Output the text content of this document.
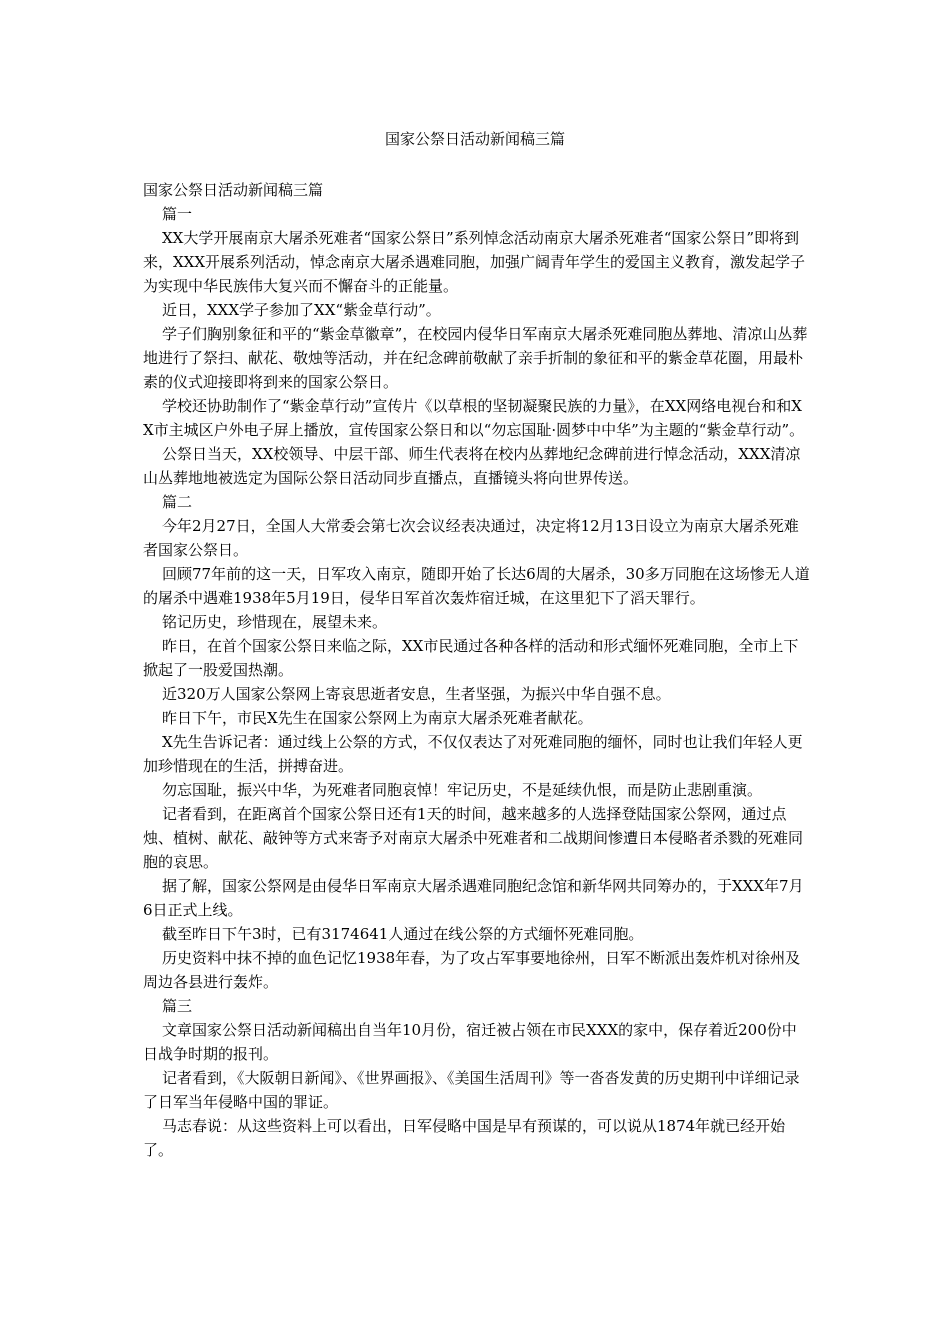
国家公祭日活动新闻稿三篇

国家公祭日活动新闻稿三篇

篇一

XX大学开展南京大屠杀死难者“国家公祭日”系列悼念活动南京大屠杀死难者“国家公祭日”即将到来，XXX开展系列活动，悼念南京大屠杀遇难同胞，加强广阔青年学生的爱国主义教育，激发起学子为实现中华民族伟大复兴而不懈奋斗的正能量。

近日，XXX学子参加了XX“紫金草行动”。

学子们胸别象征和平的“紫金草徽章”，在校园内侵华日军南京大屠杀死难同胞丛葬地、清凉山丛葬地进行了祭扫、献花、敬烛等活动，并在纪念碑前敬献了亲手折制的象征和平的紫金草花圈，用最朴素的仪式迎接即将到来的国家公祭日。

学校还协助制作了“紫金草行动”宣传片《以草根的坚韧凝聚民族的力量》，在XX网络电视台和和XX市主城区户外电子屏上播放，宣传国家公祭日和以“勿忘国耻·圆梦中中华”为主题的“紫金草行动”。

公祭日当天，XX校领导、中层干部、师生代表将在校内丛葬地纪念碑前进行悼念活动，XXX清凉山丛葬地地被选定为国际公祭日活动同步直播点，直播镜头将向世界传送。

篇二

今年2月27日，全国人大常委会第七次会议经表决通过，决定将12月13日设立为南京大屠杀死难者国家公祭日。

回顾77年前的这一天，日军攻入南京，随即开始了长达6周的大屠杀，30多万同胞在这场惨无人道的屠杀中遇难1938年5月19日，侵华日军首次轰炸宿迁城，在这里犯下了滔天罪行。

铭记历史，珍惜现在，展望未来。

昨日，在首个国家公祭日来临之际，XX市民通过各种各样的活动和形式缅怀死难同胞，全市上下掀起了一股爱国热潮。

近320万人国家公祭网上寄哀思逝者安息，生者坚强，为振兴中华自强不息。

昨日下午，市民X先生在国家公祭网上为南京大屠杀死难者献花。

X先生告诉记者：通过线上公祭的方式，不仅仅表达了对死难同胞的缅怀，同时也让我们年轻人更加珍惜现在的生活，拼搏奋进。

勿忘国耻，振兴中华，为死难者同胞哀悼！牢记历史，不是延续仇恨，而是防止悲剧重演。

记者看到，在距离首个国家公祭日还有1天的时间，越来越多的人选择登陆国家公祭网，通过点烛、植树、献花、敲钟等方式来寄予对南京大屠杀中死难者和二战期间惨遭日本侵略者杀戮的死难同胞的哀思。

据了解，国家公祭网是由侵华日军南京大屠杀遇难同胞纪念馆和新华网共同筹办的，于XXX年7月6日正式上线。

截至昨日下午3时，已有3174641人通过在线公祭的方式缅怀死难同胞。

历史资料中抹不掉的血色记忆1938年春，为了攻占军事要地徐州，日军不断派出轰炸机对徐州及周边各县进行轰炸。

篇三

文章国家公祭日活动新闻稿出自当年10月份，宿迁被占领在市民XXX的家中，保存着近200份中日战争时期的报刊。

记者看到，《大阪朝日新闻》、《世界画报》、《美国生活周刊》等一沓沓发黄的历史期刊中详细记录了日军当年侵略中国的罪证。

马志春说：从这些资料上可以看出，日军侵略中国是早有预谋的，可以说从1874年就已经开始了。
